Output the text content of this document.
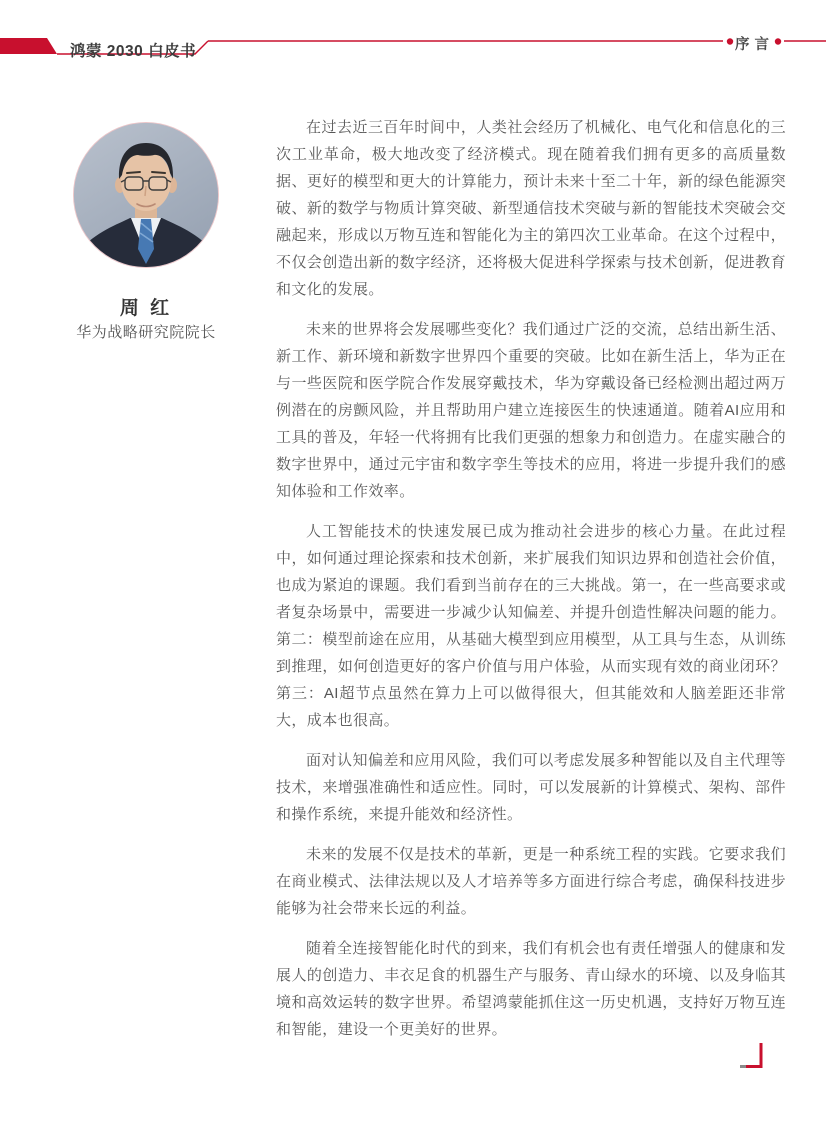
鸿蒙 2030 白皮书	序言
周 红
华为战略研究院院长

在过去近三百年时间中，人类社会经历了机械化、电气化和信息化的三次工业革命，极大地改变了经济模式。现在随着我们拥有更多的高质量数据、更好的模型和更大的计算能力，预计未来十至二十年，新的绿色能源突破、新的数学与物质计算突破、新型通信技术突破与新的智能技术突破会交融起来，形成以万物互连和智能化为主的第四次工业革命。在这个过程中，不仅会创造出新的数字经济，还将极大促进科学探索与技术创新，促进教育和文化的发展。

未来的世界将会发展哪些变化？我们通过广泛的交流，总结出新生活、新工作、新环境和新数字世界四个重要的突破。比如在新生活上，华为正在与一些医院和医学院合作发展穿戴技术，华为穿戴设备已经检测出超过两万例潜在的房颤风险，并且帮助用户建立连接医生的快速通道。随着AI应用和工具的普及，年轻一代将拥有比我们更强的想象力和创造力。在虚实融合的数字世界中，通过元宇宙和数字孪生等技术的应用，将进一步提升我们的感知体验和工作效率。

人工智能技术的快速发展已成为推动社会进步的核心力量。在此过程中，如何通过理论探索和技术创新，来扩展我们知识边界和创造社会价值，也成为紧迫的课题。我们看到当前存在的三大挑战。第一，在一些高要求或者复杂场景中，需要进一步减少认知偏差、并提升创造性解决问题的能力。第二：模型前途在应用，从基础大模型到应用模型，从工具与生态，从训练到推理，如何创造更好的客户价值与用户体验，从而实现有效的商业闭环？第三：AI超节点虽然在算力上可以做得很大，但其能效和人脑差距还非常大，成本也很高。

面对认知偏差和应用风险，我们可以考虑发展多种智能以及自主代理等技术，来增强准确性和适应性。同时，可以发展新的计算模式、架构、部件和操作系统，来提升能效和经济性。

未来的发展不仅是技术的革新，更是一种系统工程的实践。它要求我们在商业模式、法律法规以及人才培养等多方面进行综合考虑，确保科技进步能够为社会带来长远的利益。

随着全连接智能化时代的到来，我们有机会也有责任增强人的健康和发展人的创造力、丰衣足食的机器生产与服务、青山绿水的环境、以及身临其境和高效运转的数字世界。希望鸿蒙能抓住这一历史机遇，支持好万物互连和智能，建设一个更美好的世界。
